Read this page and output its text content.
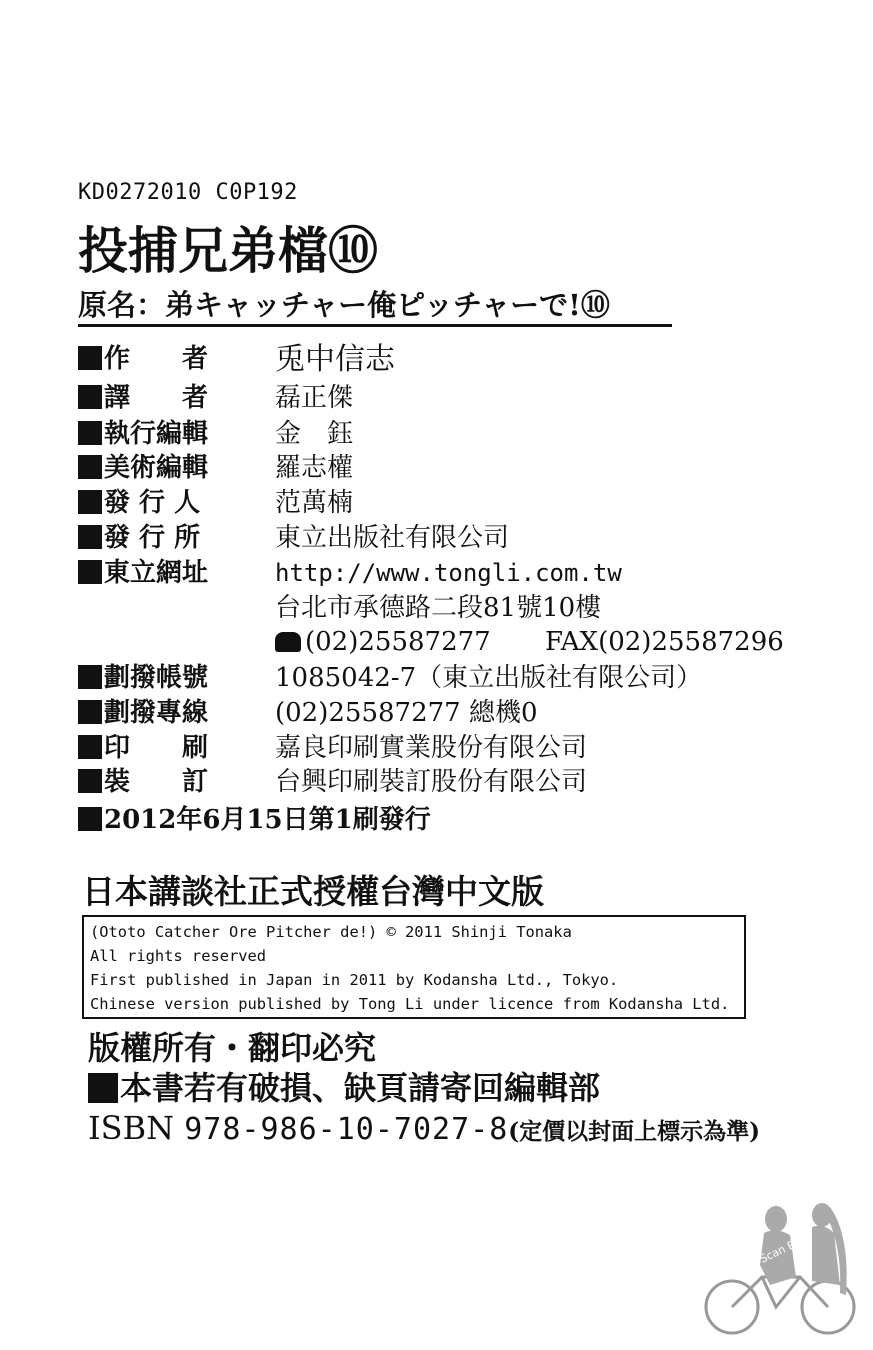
KD0272010 C0P192
投捕兄弟檔⑩
原名：弟キャッチャー俺ピッチャーで!⑩
作　　者 兎中信志
譯　　者	磊正傑
執行編輯	金　鈺
美術編輯	羅志權
發 行 人	范萬楠
發 行 所	東立出版社有限公司
東立網址	http://www.tongli.com.tw
台北市承德路二段81號10樓
(02)25587277 FAX(02)25587296
劃撥帳號	1085042-7（東立出版社有限公司）
劃撥專線	(02)25587277 總機0
印　　刷	嘉良印刷實業股份有限公司
裝　　訂	台興印刷裝訂股份有限公司
2012年6月15日第1刷發行
日本講談社正式授權台灣中文版
(Ototo Catcher Ore Pitcher de!) © 2011 Shinji Tonaka
All rights reserved
First published in Japan in 2011 by Kodansha Ltd., Tokyo.
Chinese version published by Tong Li under licence from Kodansha Ltd.
版權所有・翻印必究
本書若有破損、缺頁請寄回編輯部
ISBN 978-986-10-7027-8(定價以封面上標示為準)
Scan By
